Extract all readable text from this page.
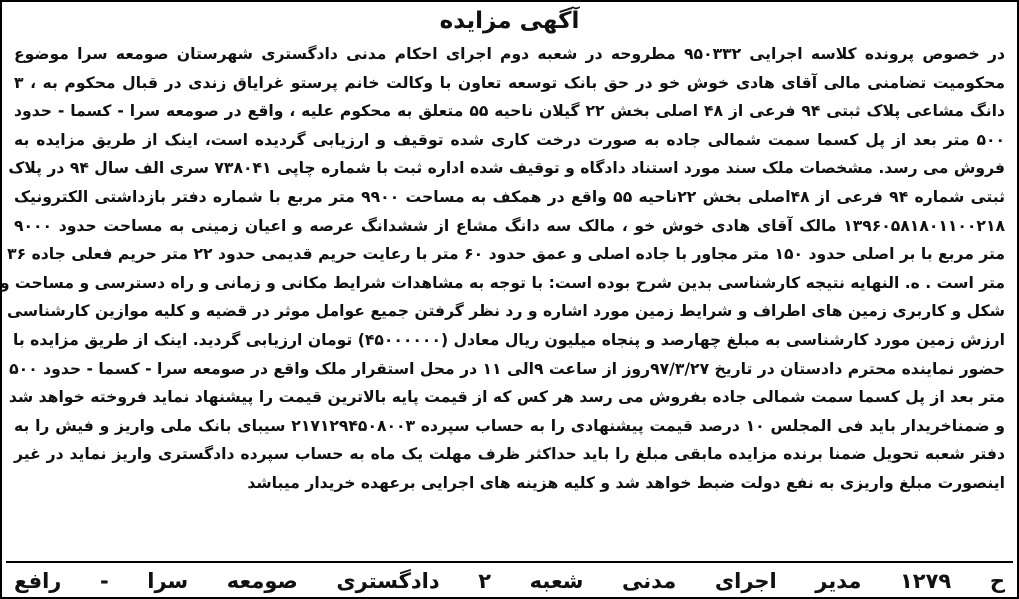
آگهی مزایده
در خصوص پرونده کلاسه اجرایی ۹۵۰۳۳۲ مطروحه در شعبه دوم اجرای احکام مدنی دادگستری شهرستان صومعه سرا موضوع
محکومیت تضامنی مالی آقای هادی خوش خو در حق بانک توسعه تعاون با وکالت خانم پرستو غرایاق زندی در قبال محکوم به ، ۳
دانگ مشاعی پلاک ثبتی ۹۴ فرعی از ۴۸ اصلی بخش ۲۲ گیلان ناحیه ۵۵ متعلق به محکوم علیه ، واقع در صومعه سرا - کسما - حدود
۵۰۰ متر بعد از پل کسما سمت شمالی جاده به صورت درخت کاری شده توقیف و ارزیابی گردیده است، اینک از طریق مزایده به
فروش می رسد. مشخصات ملک سند مورد استناد دادگاه و توقیف شده اداره ثبت با شماره چاپی ۷۳۸۰۴۱ سری الف سال ۹۴ در پلاک
ثبتی شماره ۹۴ فرعی از ۴۸اصلی بخش ۲۲ناحیه ۵۵ واقع در همکف به مساحت ۹۹۰۰ متر مربع با شماره دفتر بازداشتی الکترونیک
۱۳۹۶۰۵۸۱۸۰۱۱۰۰۲۱۸ مالک آقای هادی خوش خو ، مالک سه دانگ مشاع از ششدانگ عرصه و اعیان زمینی به مساحت حدود ۹۰۰۰
متر مربع با بر اصلی حدود ۱۵۰ متر مجاور با جاده اصلی و عمق حدود ۶۰ متر با رعایت حریم قدیمی حدود ۲۲ متر حریم فعلی جاده ۳۶
متر است . ه. النهایه نتیجه کارشناسی بدین شرح بوده است: با توجه به مشاهدات شرایط مکانی و زمانی و راه دسترسی و مساحت و
شکل و کاربری زمین های اطراف و شرایط زمین مورد اشاره و رد نظر گرفتن جمیع عوامل موثر در قضیه و کلیه موازین کارشناسی
ارزش زمین مورد کارشناسی به مبلغ چهارصد و پنجاه میلیون ریال معادل (۴۵۰۰۰۰۰۰) تومان ارزیابی گردید. اینک از طریق مزایده با
حضور نماینده محترم دادستان در تاریخ ۹۷/۳/۲۷روز از ساعت ۹الی ۱۱ در محل استقرار ملک واقع در صومعه سرا - کسما - حدود ۵۰۰
متر بعد از پل کسما سمت شمالی جاده بفروش می رسد هر کس که از قیمت پایه بالاترین قیمت را پیشنهاد نماید فروخته خواهد شد
و ضمناخریدار باید فی المجلس ۱۰ درصد قیمت پیشنهادی را به حساب سپرده ۲۱۷۱۲۹۴۵۰۸۰۰۳ سیبای بانک ملی واریز و فیش را به
دفتر شعبه تحویل ضمنا برنده مزایده مابقی مبلغ را باید حداکثر ظرف مهلت یک ماه به حساب سپرده دادگستری واریز نماید در غیر
اینصورت مبلغ واریزی به نفع دولت ضبط خواهد شد و کلیه هزینه های اجرایی برعهده خریدار میباشد
ح ۱۲۷۹ مدیر اجرای مدنی شعبه ۲ دادگستری صومعه سرا - رافع
